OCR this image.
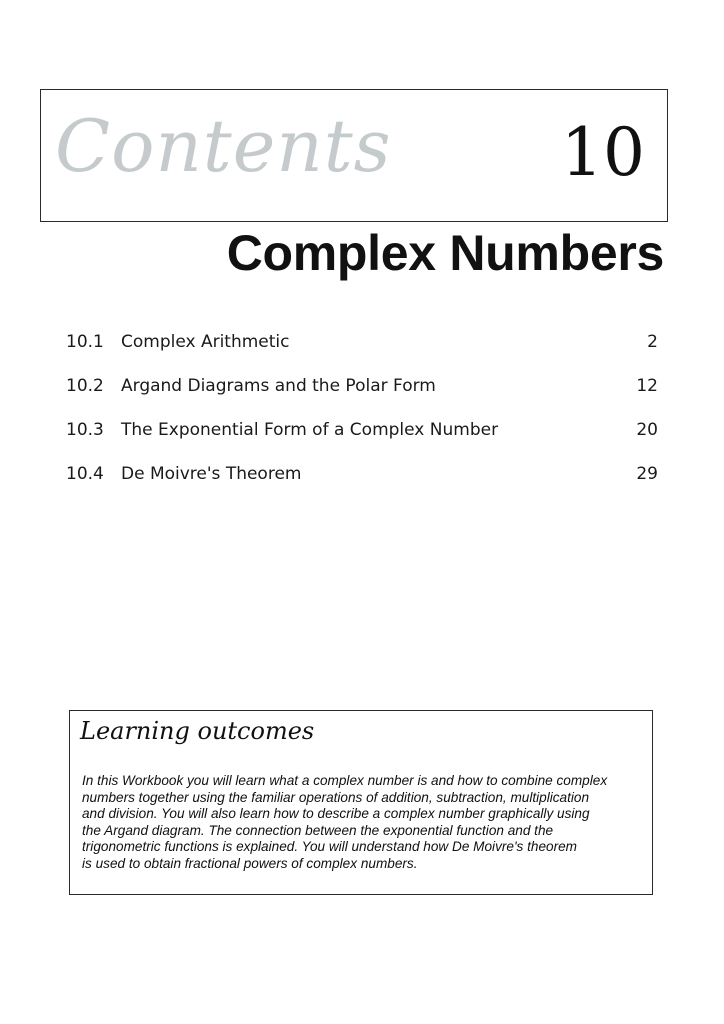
Contents	10
Complex Numbers
10.1 Complex Arithmetic	2
10.2 Argand Diagrams and the Polar Form	12
10.3 The Exponential Form of a Complex Number	20
10.4 De Moivre's Theorem	29
Learning outcomes
In this Workbook you will learn what a complex number is and how to combine complex
numbers together using the familiar operations of addition, subtraction, multiplication
and division. You will also learn how to describe a complex number graphically using
the Argand diagram. The connection between the exponential function and the
trigonometric functions is explained. You will understand how De Moivre's theorem
is used to obtain fractional powers of complex numbers.
